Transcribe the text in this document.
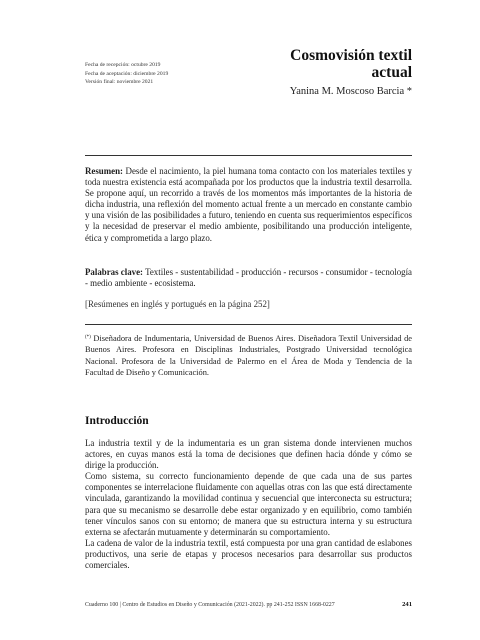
Fecha de recepción: octubre 2019
Fecha de aceptación: diciembre 2019
Versión final: noviembre 2021
Cosmovisión textil
actual
Yanina M. Moscoso Barcia *
Resumen: Desde el nacimiento, la piel humana toma contacto con los materiales textiles y toda nuestra existencia está acompañada por los productos que la industria textil desarrolla. Se propone aquí, un recorrido a través de los momentos más importantes de la historia de dicha industria, una reflexión del momento actual frente a un mercado en constante cambio y una visión de las posibilidades a futuro, teniendo en cuenta sus requerimientos específicos y la necesidad de preservar el medio ambiente, posibilitando una producción inteligente, ética y comprometida a largo plazo.
Palabras clave: Textiles - sustentabilidad - producción - recursos - consumidor - tecnología - medio ambiente - ecosistema.
[Resúmenes en inglés y portugués en la página 252]
(*) Diseñadora de Indumentaria, Universidad de Buenos Aires. Diseñadora Textil Universidad de Buenos Aires. Profesora en Disciplinas Industriales, Postgrado Universidad tecnológica Nacional. Profesora de la Universidad de Palermo en el Área de Moda y Tendencia de la Facultad de Diseño y Comunicación.
Introducción

La industria textil y de la indumentaria es un gran sistema donde intervienen muchos actores, en cuyas manos está la toma de decisiones que definen hacia dónde y cómo se dirige la producción.

Como sistema, su correcto funcionamiento depende de que cada una de sus partes componentes se interrelacione fluidamente con aquellas otras con las que está directamente vinculada, garantizando la movilidad continua y secuencial que interconecta su estructura; para que su mecanismo se desarrolle debe estar organizado y en equilibrio, como también tener vínculos sanos con su entorno; de manera que su estructura interna y su estructura externa se afectarán mutuamente y determinarán su comportamiento.

La cadena de valor de la industria textil, está compuesta por una gran cantidad de eslabones productivos, una serie de etapas y procesos necesarios para desarrollar sus productos comerciales.

Cuaderno 100 | Centro de Estudios en Diseño y Comunicación (2021-2022). pp 241-252 ISSN 1668-0227	241
